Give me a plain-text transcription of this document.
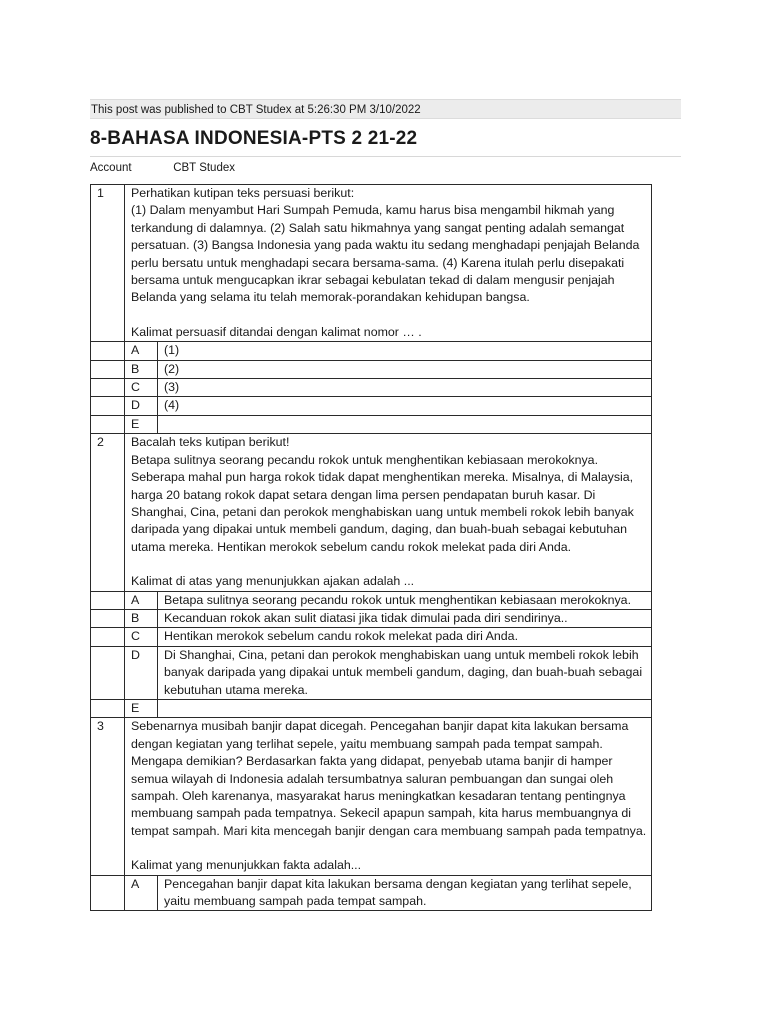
This post was published to CBT Studex at 5:26:30 PM 3/10/2022
8-BAHASA INDONESIA-PTS 2 21-22
Account	CBT Studex
1	Perhatikan kutipan teks persuasi berikut:

(1) Dalam menyambut Hari Sumpah Pemuda, kamu harus bisa mengambil hikmah yang terkandung di dalamnya. (2) Salah satu hikmahnya yang sangat penting adalah semangat persatuan. (3) Bangsa Indonesia yang pada waktu itu sedang menghadapi penjajah Belanda perlu bersatu untuk menghadapi secara bersama-sama. (4) Karena itulah perlu disepakati bersama untuk mengucapkan ikrar sebagai kebulatan tekad di dalam mengusir penjajah Belanda yang selama itu telah memorak-porandakan kehidupan bangsa.

Kalimat persuasif ditandai dengan kalimat nomor … .	

	A	(1)
	B	(2)
	C	(3)
	D	(4)
	E	
2	Bacalah teks kutipan berikut!

Betapa sulitnya seorang pecandu rokok untuk menghentikan kebiasaan merokoknya. Seberapa mahal pun harga rokok tidak dapat menghentikan mereka. Misalnya, di Malaysia, harga 20 batang rokok dapat setara dengan lima persen pendapatan buruh kasar. Di Shanghai, Cina, petani dan perokok menghabiskan uang untuk membeli rokok lebih banyak daripada yang dipakai untuk membeli gandum, daging, dan buah-buah sebagai kebutuhan utama mereka. Hentikan merokok sebelum candu rokok melekat pada diri Anda.

Kalimat di atas yang menunjukkan ajakan adalah ...	

	A	Betapa sulitnya seorang pecandu rokok untuk menghentikan kebiasaan merokoknya.
	B	Kecanduan rokok akan sulit diatasi jika tidak dimulai pada diri sendirinya..
	C	Hentikan merokok sebelum candu rokok melekat pada diri Anda.
	D	Di Shanghai, Cina, petani dan perokok menghabiskan uang untuk membeli rokok lebih banyak daripada yang dipakai untuk membeli gandum, daging, dan buah-buah sebagai kebutuhan utama mereka.
	E	
3	Sebenarnya musibah banjir dapat dicegah. Pencegahan banjir dapat kita lakukan bersama dengan kegiatan yang terlihat sepele, yaitu membuang sampah pada tempat sampah. Mengapa demikian? Berdasarkan fakta yang didapat, penyebab utama banjir di hamper semua wilayah di Indonesia adalah tersumbatnya saluran pembuangan dan sungai oleh sampah. Oleh karenanya, masyarakat harus meningkatkan kesadaran tentang pentingnya membuang sampah pada tempatnya. Sekecil apapun sampah, kita harus membuangnya di tempat sampah. Mari kita mencegah banjir dengan cara membuang sampah pada tempatnya.

Kalimat yang menunjukkan fakta adalah...	

	A	Pencegahan banjir dapat kita lakukan bersama dengan kegiatan yang terlihat sepele, yaitu membuang sampah pada tempat sampah.
